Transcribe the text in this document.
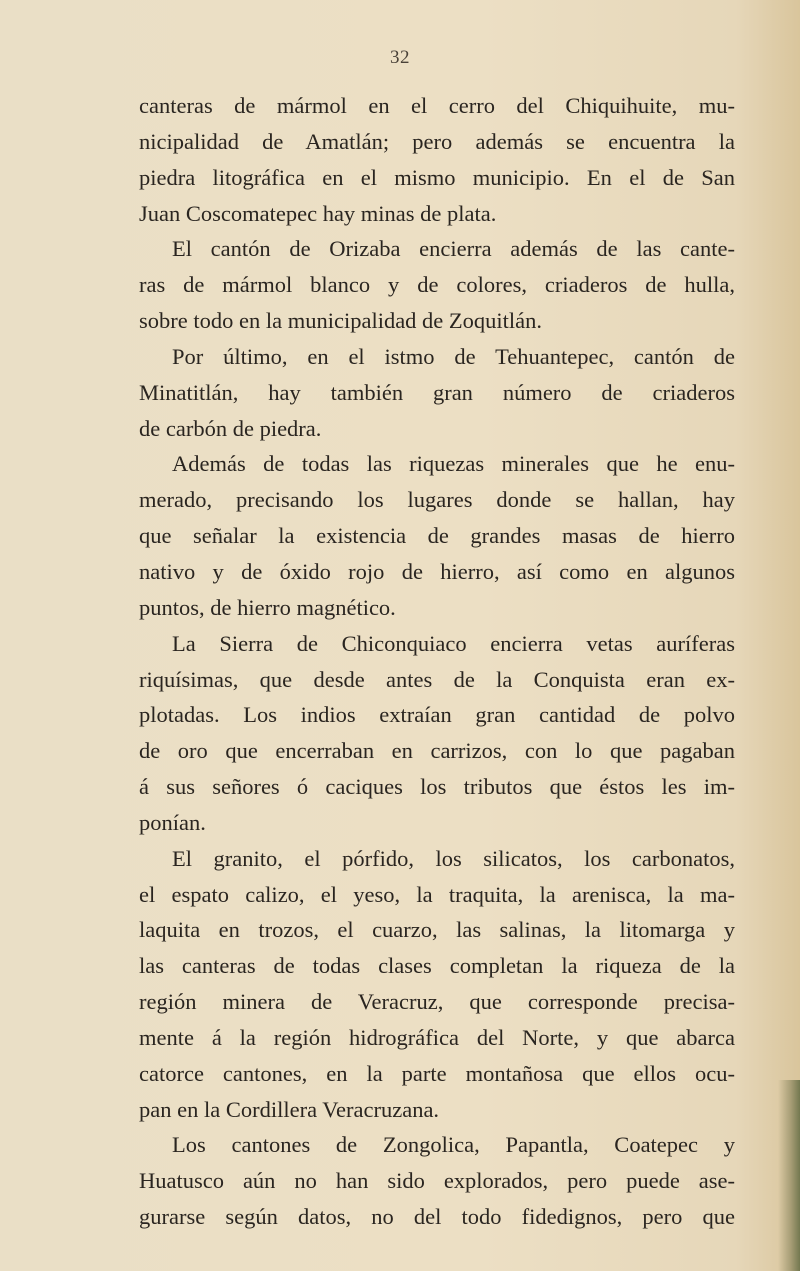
32
canteras de mármol en el cerro del Chiquihuite, mu-
nicipalidad de Amatlán; pero además se encuentra la
piedra litográfica en el mismo municipio. En el de San
Juan Coscomatepec hay minas de plata.
El cantón de Orizaba encierra además de las cante-
ras de mármol blanco y de colores, criaderos de hulla,
sobre todo en la municipalidad de Zoquitlán.
Por último, en el istmo de Tehuantepec, cantón de
Minatitlán, hay también gran número de criaderos
de carbón de piedra.
Además de todas las riquezas minerales que he enu-
merado, precisando los lugares donde se hallan, hay
que señalar la existencia de grandes masas de hierro
nativo y de óxido rojo de hierro, así como en algunos
puntos, de hierro magnético.
La Sierra de Chiconquiaco encierra vetas auríferas
riquísimas, que desde antes de la Conquista eran ex-
plotadas. Los indios extraían gran cantidad de polvo
de oro que encerraban en carrizos, con lo que pagaban
á sus señores ó caciques los tributos que éstos les im-
ponían.
El granito, el pórfido, los silicatos, los carbonatos,
el espato calizo, el yeso, la traquita, la arenisca, la ma-
laquita en trozos, el cuarzo, las salinas, la litomarga y
las canteras de todas clases completan la riqueza de la
región minera de Veracruz, que corresponde precisa-
mente á la región hidrográfica del Norte, y que abarca
catorce cantones, en la parte montañosa que ellos ocu-
pan en la Cordillera Veracruzana.
Los cantones de Zongolica, Papantla, Coatepec y
Huatusco aún no han sido explorados, pero puede ase-
gurarse según datos, no del todo fidedignos, pero que
